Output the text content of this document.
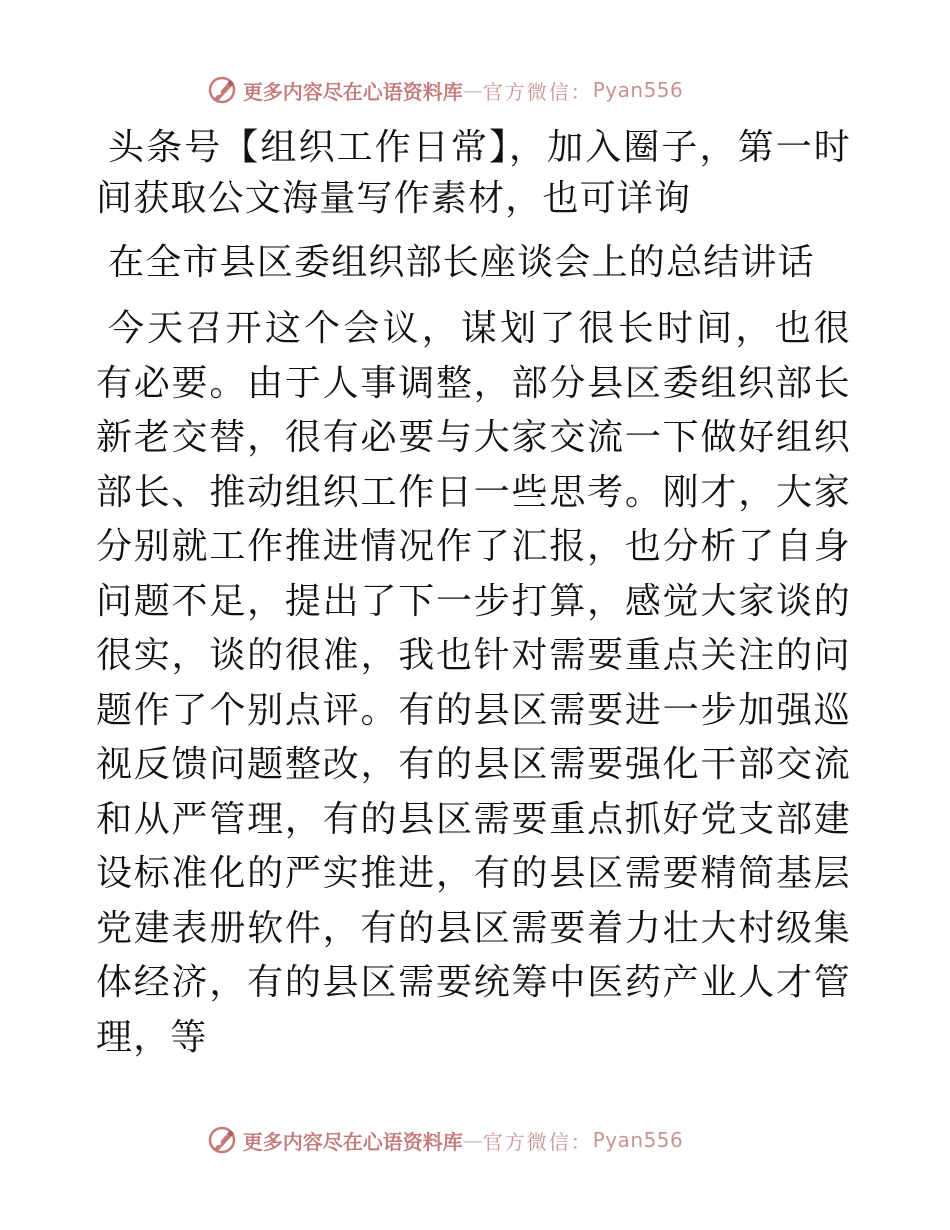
更多内容尽在心语资料库 — 官方微信： Pyan556

头条号【组织工作日常】，加入圈子，第一时间获取公文海量写作素材，也可详询

在全市县区委组织部长座谈会上的总结讲话

今天召开这个会议，谋划了很长时间，也很有必要。由于人事调整，部分县区委组织部长新老交替，很有必要与大家交流一下做好组织部长、推动组织工作日一些思考。刚才，大家分别就工作推进情况作了汇报，也分析了自身问题不足，提出了下一步打算，感觉大家谈的很实，谈的很准，我也针对需要重点关注的问题作了个别点评。有的县区需要进一步加强巡视反馈问题整改，有的县区需要强化干部交流和从严管理，有的县区需要重点抓好党支部建设标准化的严实推进，有的县区需要精简基层党建表册软件，有的县区需要着力壮大村级集体经济，有的县区需要统筹中医药产业人才管理，等

更多内容尽在心语资料库 — 官方微信： Pyan556
